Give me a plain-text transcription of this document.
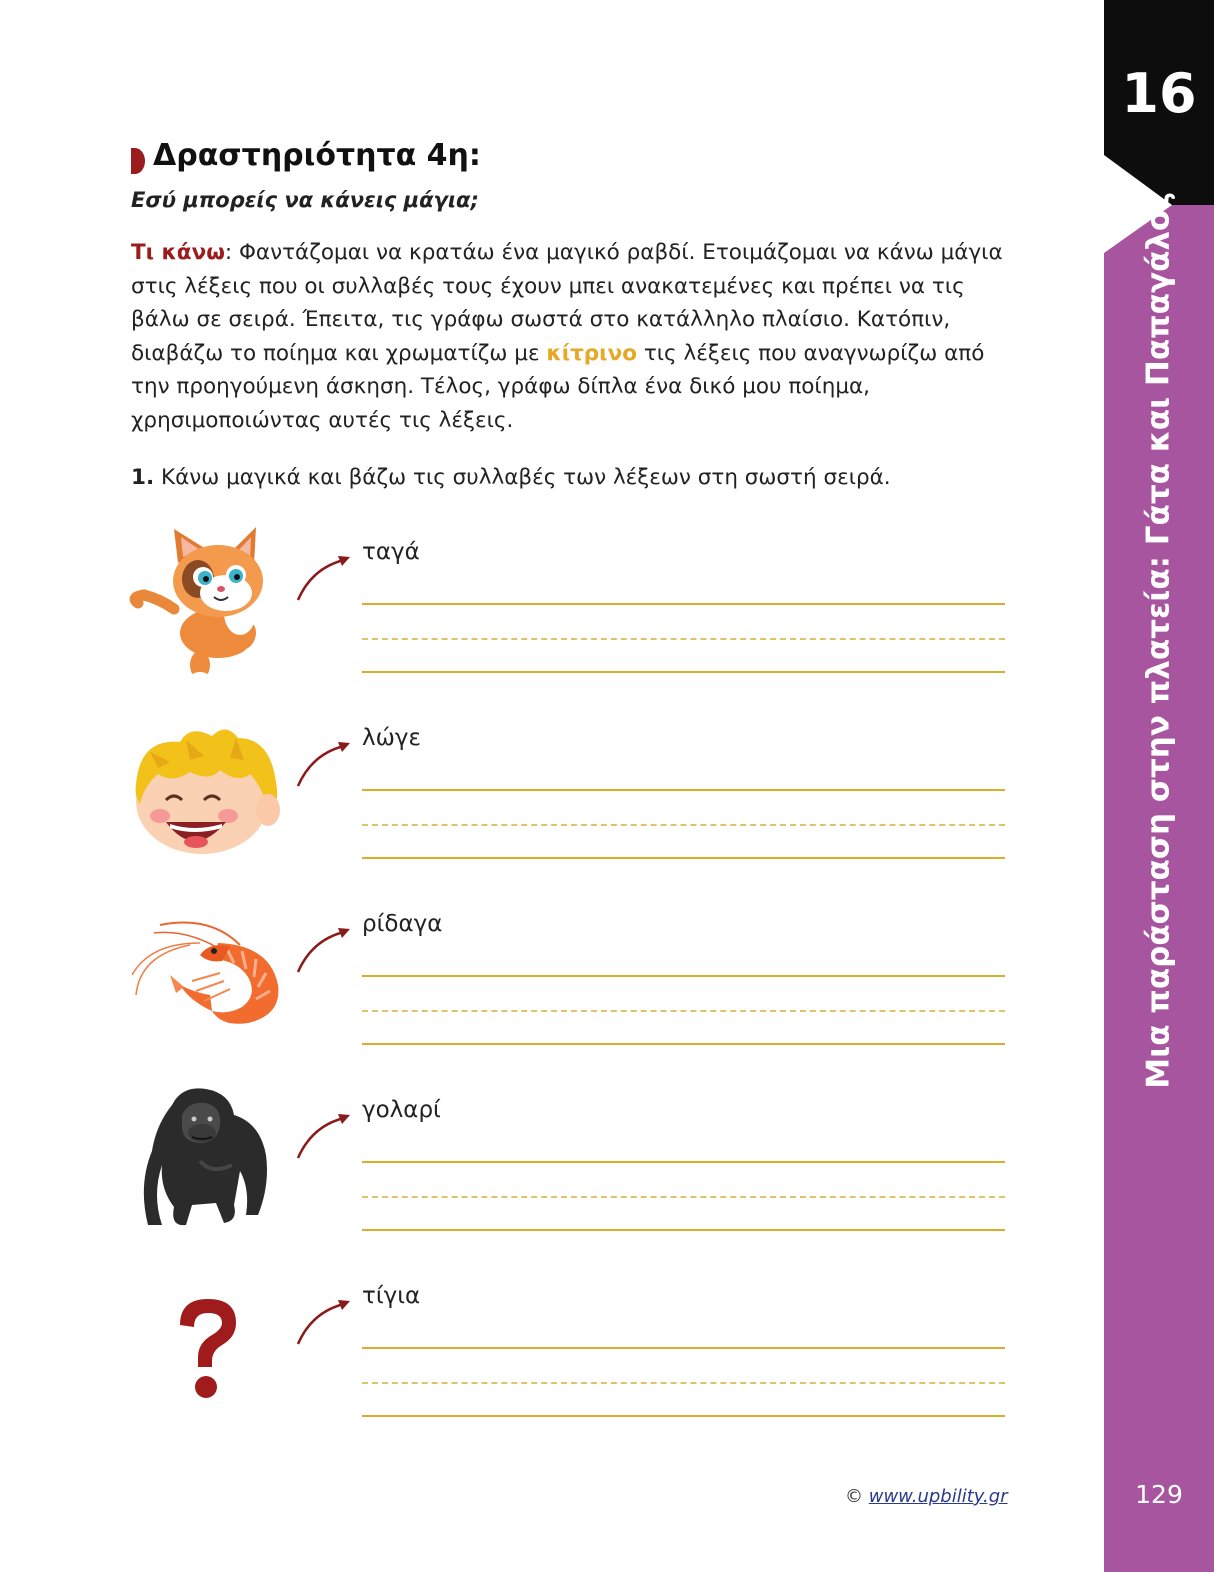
16
Μια παράσταση στην πλατεία: Γάτα και Παπαγάλος
129
Δραστηριότητα 4η:
Εσύ μπορείς να κάνεις μάγια;
Τι κάνω: Φαντάζομαι να κρατάω ένα μαγικό ραβδί. Ετοιμάζομαι να κάνω μάγια στις λέξεις που οι συλλαβές τους έχουν μπει ανακατεμένες και πρέπει να τις βάλω σε σειρά. Έπειτα, τις γράφω σωστά στο κατάλληλο πλαίσιο. Κατόπιν, διαβάζω το ποίημα και χρωματίζω με κίτρινο τις λέξεις που αναγνωρίζω από την προηγούμενη άσκηση. Τέλος, γράφω δίπλα ένα δικό μου ποίημα, χρησιμοποιώντας αυτές τις λέξεις.
1. Κάνω μαγικά και βάζω τις συλλαβές των λέξεων στη σωστή σειρά.
ταγά
λώγε
ρίδαγα
γολαρί
τίγια
© www.upbility.gr
